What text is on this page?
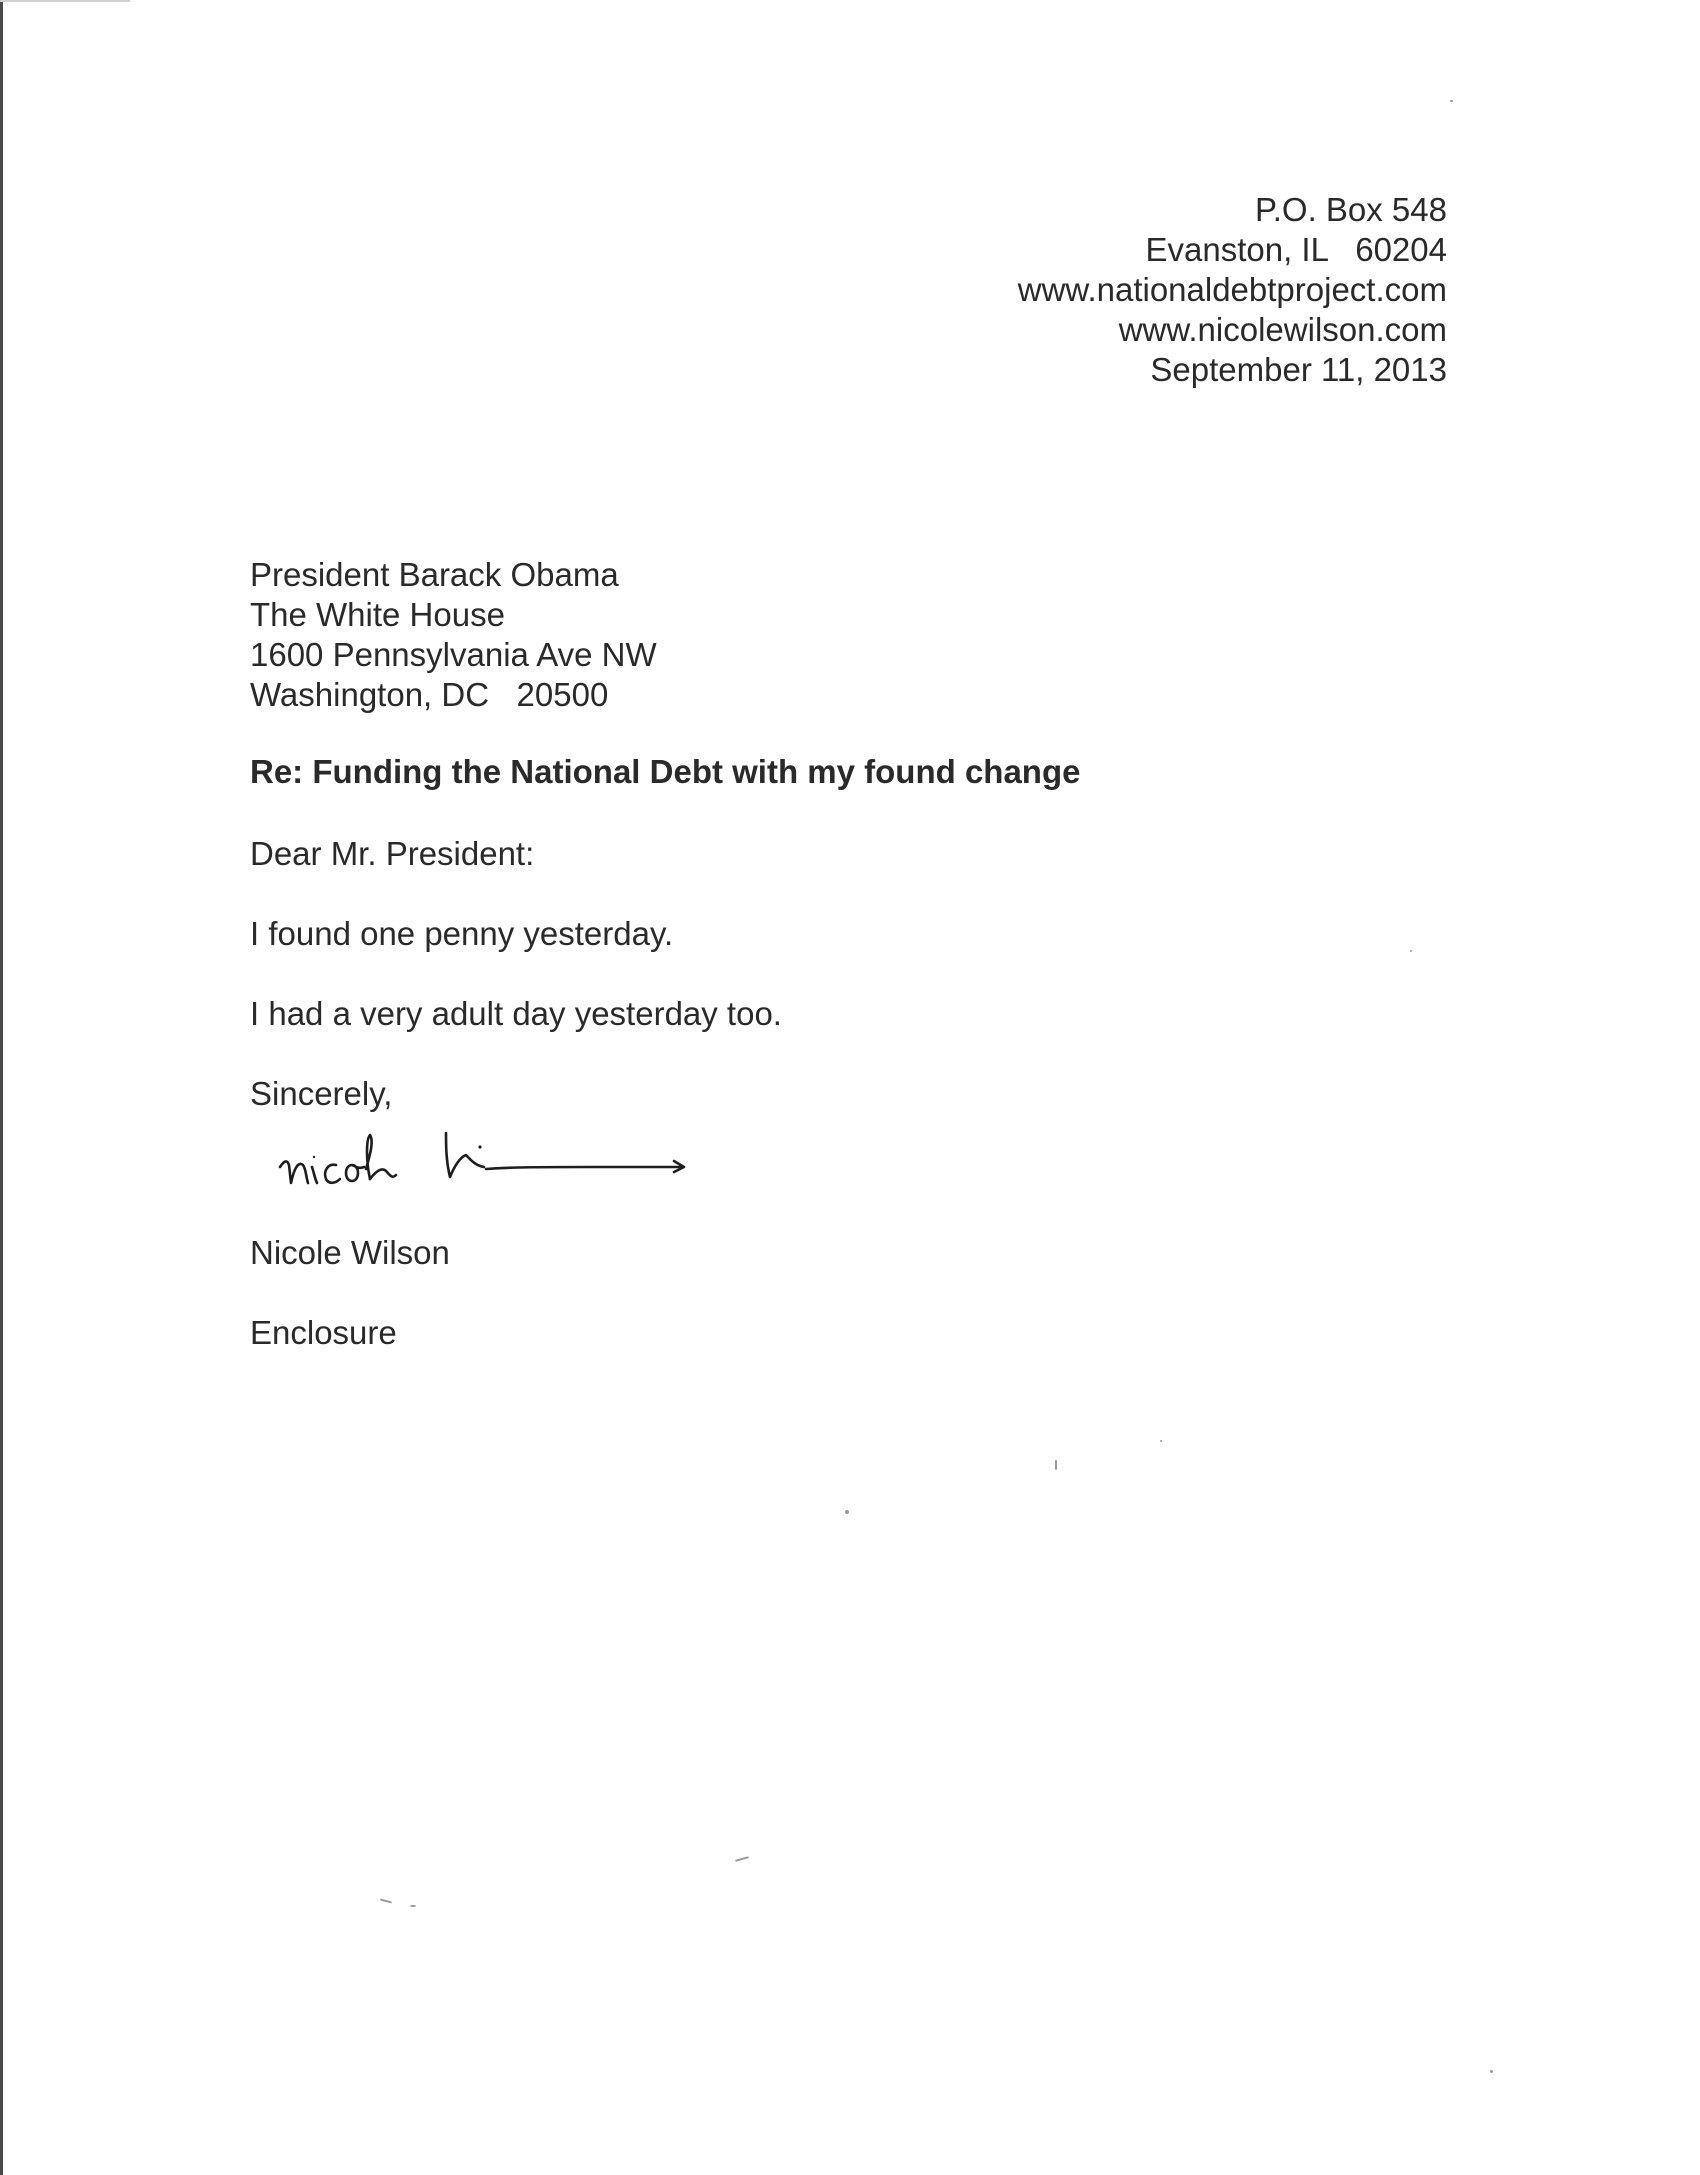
P.O. Box 548
Evanston, IL   60204
www.nationaldebtproject.com
www.nicolewilson.com
September 11, 2013
President Barack Obama
The White House
1600 Pennsylvania Ave NW
Washington, DC   20500
Re: Funding the National Debt with my found change
Dear Mr. President:
I found one penny yesterday.
I had a very adult day yesterday too.
Sincerely,
Nicole Wilson
Enclosure
